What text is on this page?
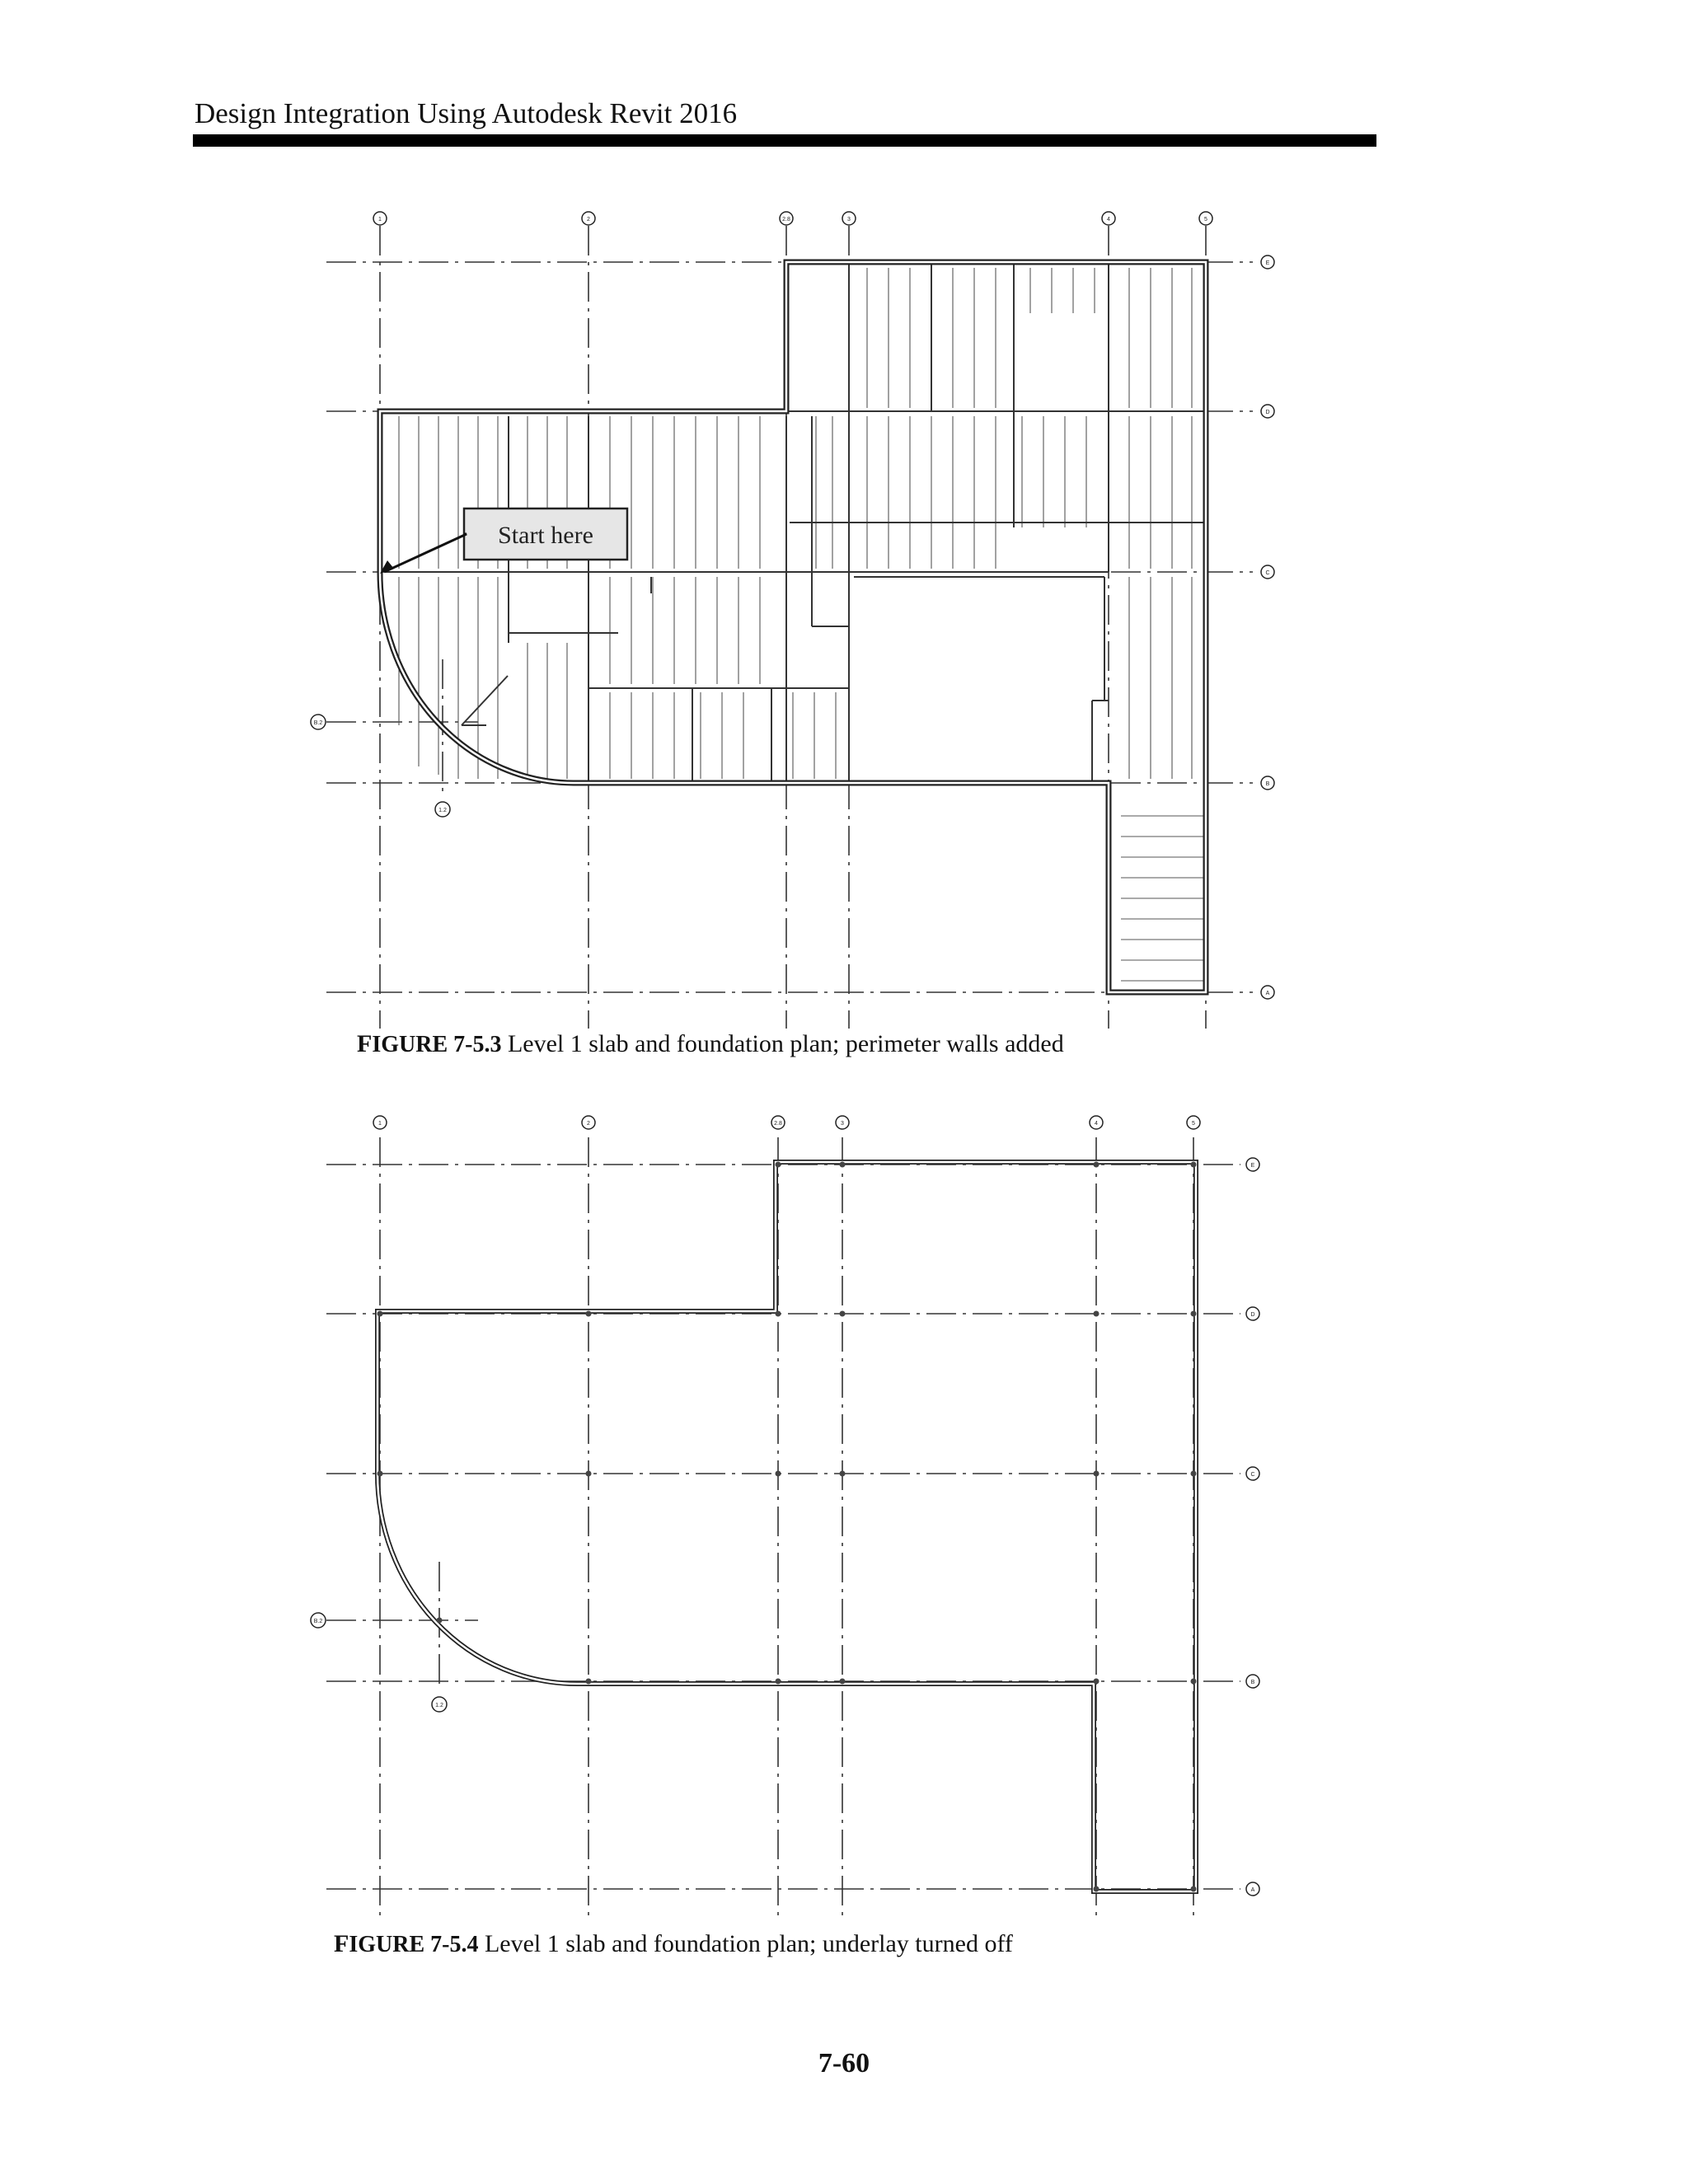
Design Integration Using Autodesk Revit 2016
1	2	2.8	3	4	5
E
D
C
B
A
B.2
1.2
Start here
FIGURE 7-5.3 Level 1 slab and foundation plan; perimeter walls added
1	2	2.8	3	4	5
E
D
C
B
A
B.2
1.2
FIGURE 7-5.4 Level 1 slab and foundation plan; underlay turned off
7-60
